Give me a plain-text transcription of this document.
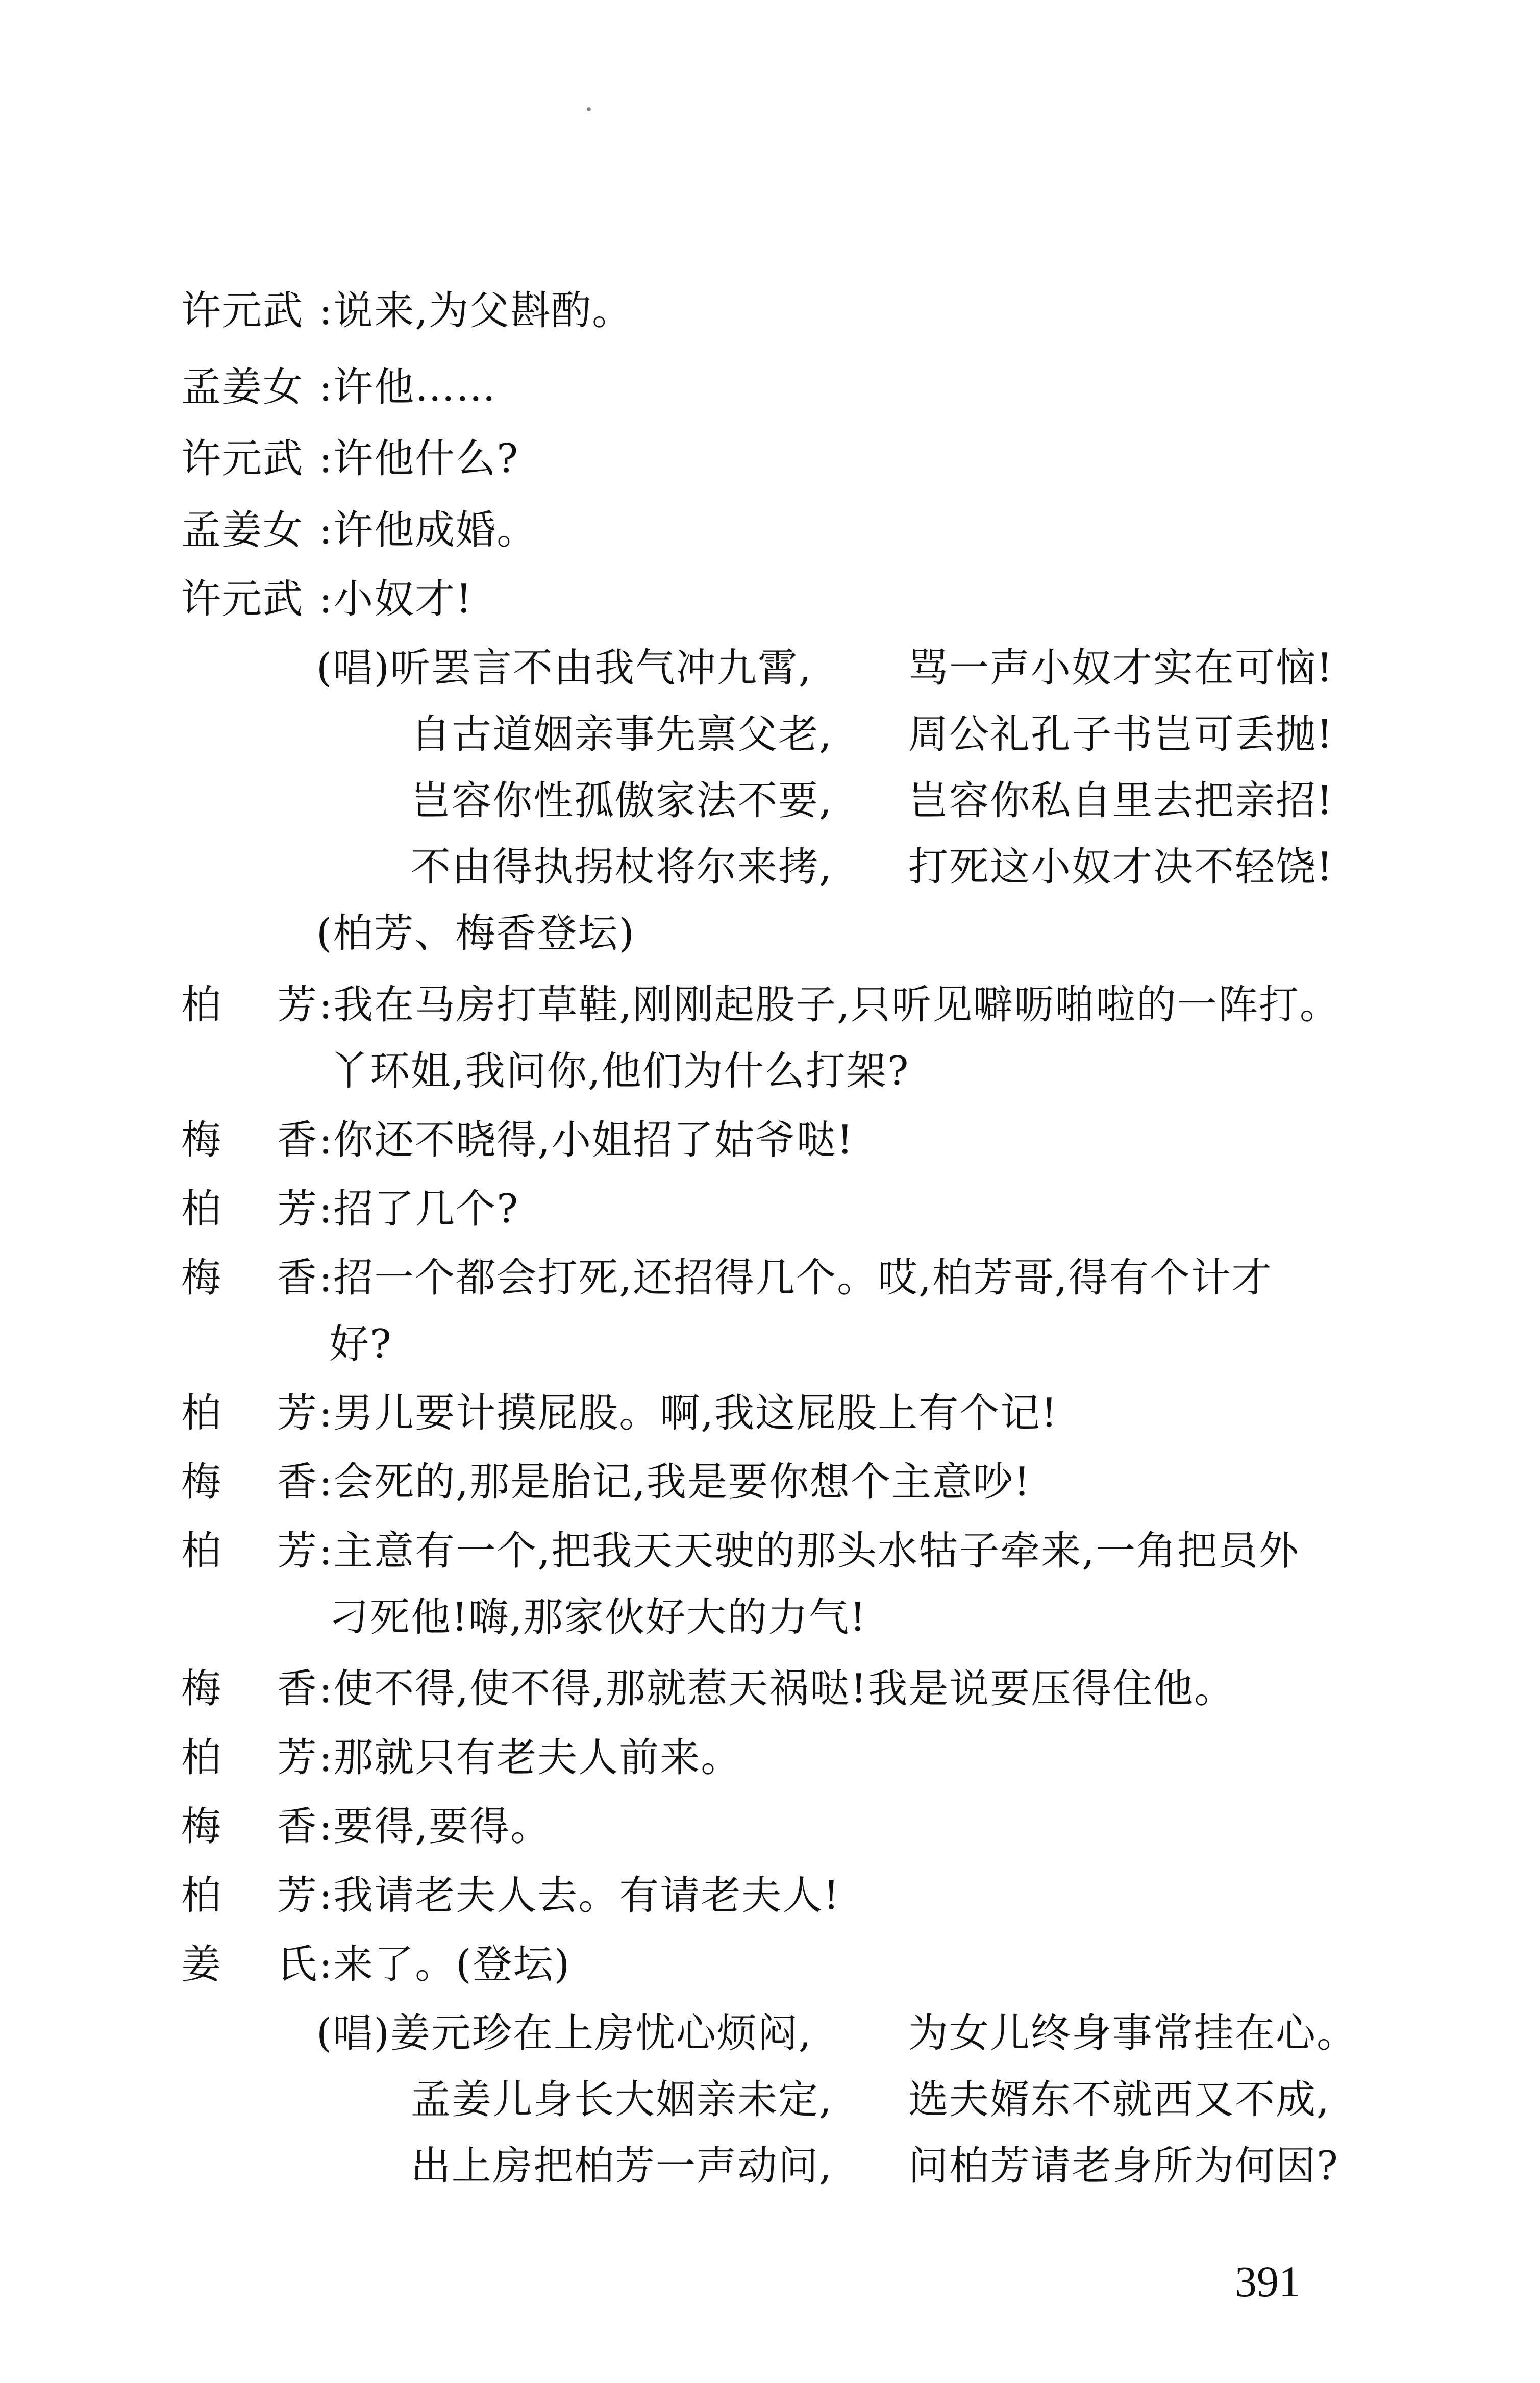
许元武 :说来,为父斟酌。
孟姜女 :许他……
许元武 :许他什么?
孟姜女 :许他成婚。
许元武 :小奴才!
(唱)听罢言不由我气冲九霄, 骂一声小奴才实在可恼!
自古道姻亲事先禀父老, 周公礼孔子书岂可丢抛!
岂容你性孤傲家法不要, 岂容你私自里去把亲招!
不由得执拐杖将尔来拷, 打死这小奴才决不轻饶!
(柏芳、梅香登坛)
柏芳:我在马房打草鞋,刚刚起股子,只听见噼呖啪啦的一阵打。
丫环姐,我问你,他们为什么打架?
梅香:你还不晓得,小姐招了姑爷哒!
柏芳:招了几个?
梅香:招一个都会打死,还招得几个。哎,柏芳哥,得有个计才
好?
柏芳:男儿要计摸屁股。啊,我这屁股上有个记!
梅香:会死的,那是胎记,我是要你想个主意吵!
柏芳:主意有一个,把我天天驶的那头水牯子牵来,一角把员外
刁死他!嗨,那家伙好大的力气!
梅香:使不得,使不得,那就惹天祸哒!我是说要压得住他。
柏芳:那就只有老夫人前来。
梅香:要得,要得。
柏芳:我请老夫人去。有请老夫人!
姜氏:来了。(登坛)
(唱)姜元珍在上房忧心烦闷, 为女儿终身事常挂在心。
孟姜儿身长大姻亲未定, 选夫婿东不就西又不成,
出上房把柏芳一声动问, 问柏芳请老身所为何因?
391
